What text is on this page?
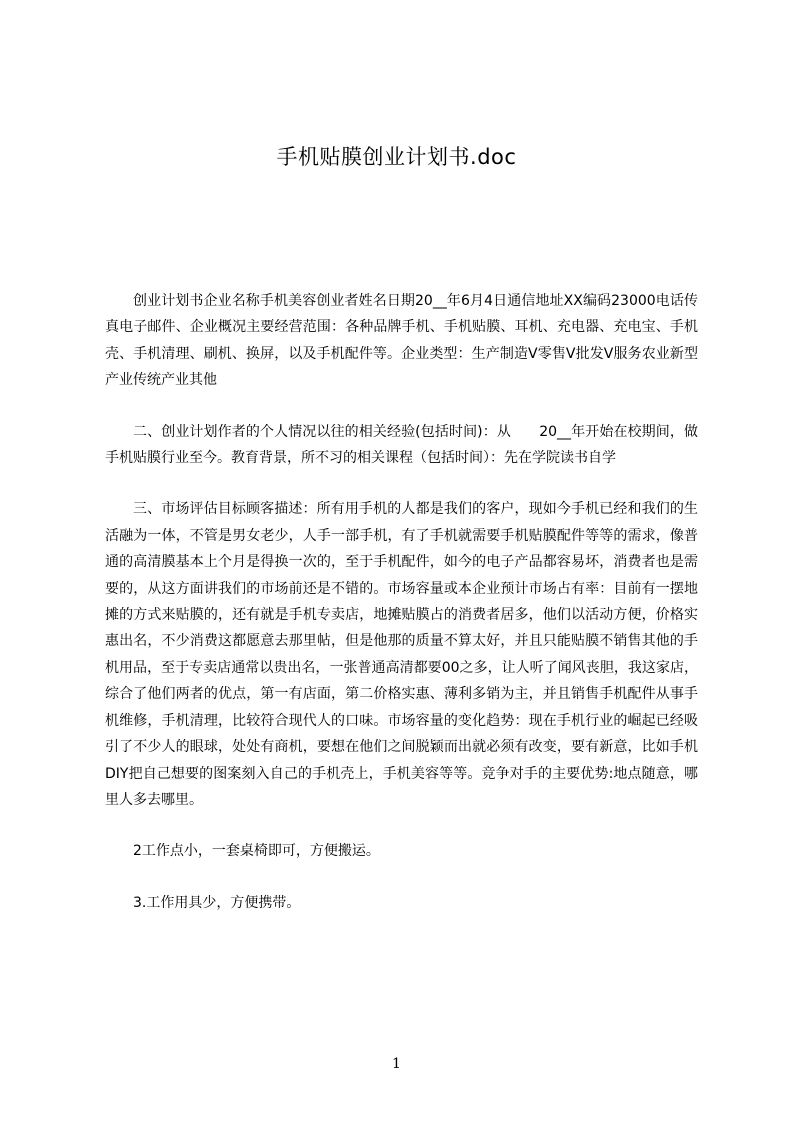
手机贴膜创业计划书.doc

创业计划书企业名称手机美容创业者姓名日期20__年6月4日通信地址XX编码23000电话传真电子邮件、企业概况主要经营范围：各种品牌手机、手机贴膜、耳机、充电器、充电宝、手机壳、手机清理、刷机、换屏，以及手机配件等。企业类型：生产制造V零售V批发V服务农业新型产业传统产业其他

二、创业计划作者的个人情况以往的相关经验(包括时间)：从　　20__年开始在校期间，做手机贴膜行业至今。教育背景，所不习的相关课程（包括时间）：先在学院读书自学

三、市场评估目标顾客描述：所有用手机的人都是我们的客户，现如今手机已经和我们的生活融为一体，不管是男女老少，人手一部手机，有了手机就需要手机贴膜配件等等的需求，像普通的高清膜基本上个月是得换一次的，至于手机配件，如今的电子产品都容易坏，消费者也是需要的，从这方面讲我们的市场前还是不错的。市场容量或本企业预计市场占有率：目前有一摆地摊的方式来贴膜的，还有就是手机专卖店，地摊贴膜占的消费者居多，他们以活动方便，价格实惠出名，不少消费这都愿意去那里帖，但是他那的质量不算太好，并且只能贴膜不销售其他的手机用品，至于专卖店通常以贵出名，一张普通高清都要00之多，让人听了闻风丧胆，我这家店，综合了他们两者的优点，第一有店面，第二价格实惠、薄利多销为主，并且销售手机配件从事手机维修，手机清理，比较符合现代人的口味。市场容量的变化趋势：现在手机行业的崛起已经吸引了不少人的眼球，处处有商机，要想在他们之间脱颖而出就必须有改变，要有新意，比如手机DIY把自己想要的图案刻入自己的手机壳上，手机美容等等。竞争对手的主要优势:地点随意，哪里人多去哪里。

2工作点小，一套桌椅即可，方便搬运。

3.工作用具少，方便携带。

1
